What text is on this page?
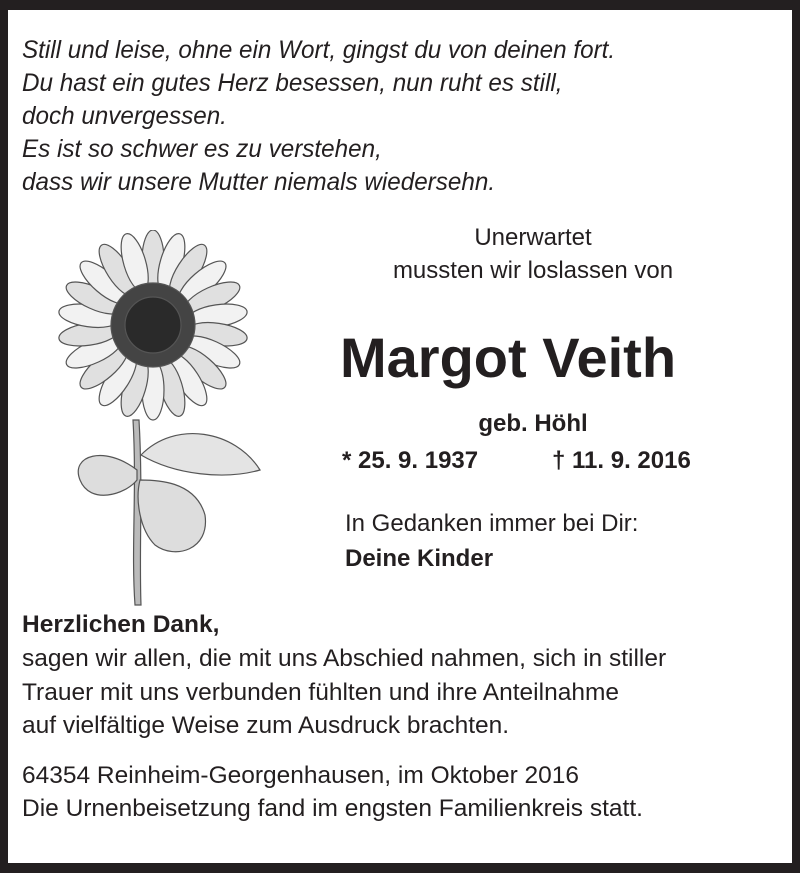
Still und leise, ohne ein Wort, gingst du von deinen fort.
Du hast ein gutes Herz besessen, nun ruht es still,
doch unvergessen.
Es ist so schwer es zu verstehen,
dass wir unsere Mutter niemals wiedersehn.
Unerwartet
mussten wir loslassen von
Margot Veith
geb. Höhl
* 25. 9. 1937	† 11. 9. 2016
In Gedanken immer bei Dir:
Deine Kinder
Herzlichen Dank,
sagen wir allen, die mit uns Abschied nahmen, sich in stiller
Trauer mit uns verbunden fühlten und ihre Anteilnahme
auf vielfältige Weise zum Ausdruck brachten.
64354 Reinheim-Georgenhausen, im Oktober 2016
Die Urnenbeisetzung fand im engsten Familienkreis statt.
